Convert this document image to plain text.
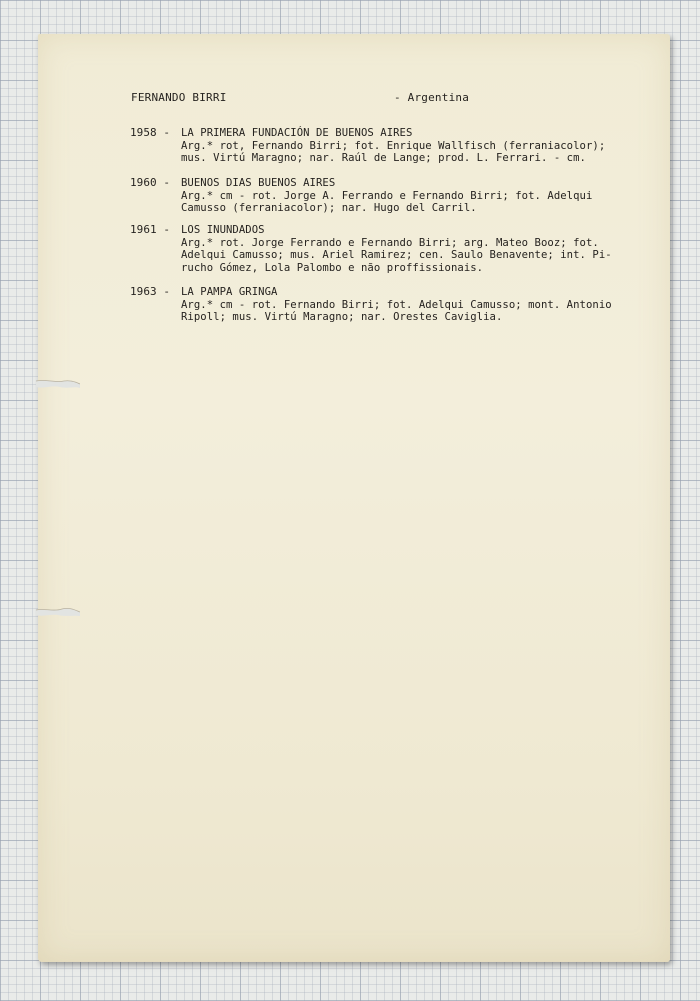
FERNANDO BIRRI	- Argentina
1958 -	LA PRIMERA FUNDACIÓN DE BUENOS AIRES
Arg.* rot, Fernando Birri; fot. Enrique Wallfisch (ferraniacolor);
mus. Virtú Maragno; nar. Raúl de Lange; prod. L. Ferrari. - cm.
1960 -	BUENOS DIAS BUENOS AIRES
Arg.* cm - rot. Jorge A. Ferrando e Fernando Birri; fot. Adelqui
Camusso (ferraniacolor); nar. Hugo del Carril.
1961 -	LOS INUNDADOS
Arg.* rot. Jorge Ferrando e Fernando Birri; arg. Mateo Booz; fot.
Adelqui Camusso; mus. Ariel Ramirez; cen. Saulo Benavente; int. Pi-
rucho Gómez, Lola Palombo e não proffissionais.
1963 -	LA PAMPA GRINGA
Arg.* cm - rot. Fernando Birri; fot. Adelqui Camusso; mont. Antonio
Ripoll; mus. Virtú Maragno; nar. Orestes Caviglia.
